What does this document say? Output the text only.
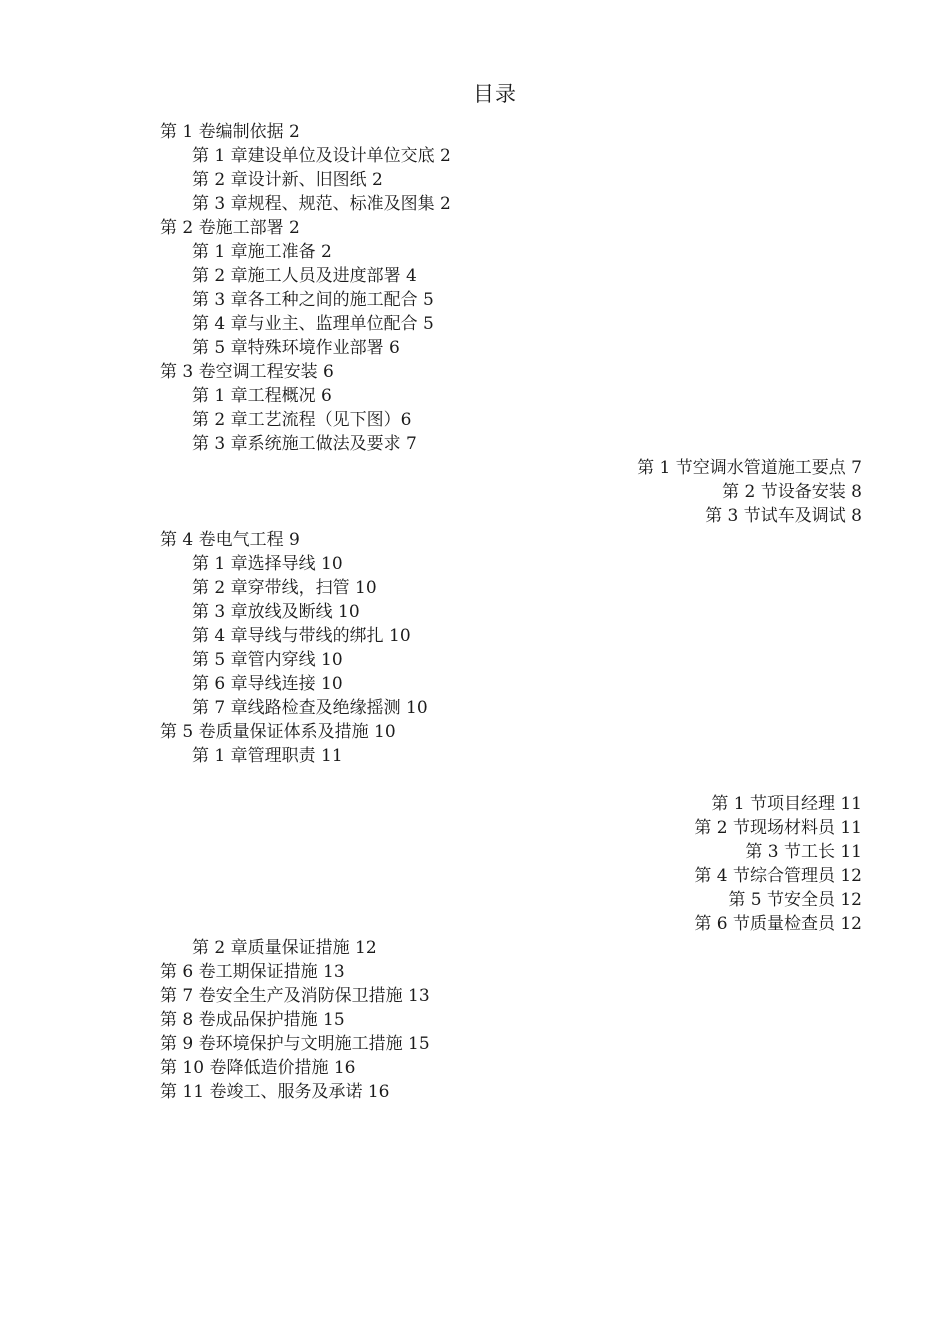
目录
第 1 卷编制依据 2
第 1 章建设单位及设计单位交底 2
第 2 章设计新、旧图纸 2
第 3 章规程、规范、标准及图集 2
第 2 卷施工部署 2
第 1 章施工准备 2
第 2 章施工人员及进度部署 4
第 3 章各工种之间的施工配合 5
第 4 章与业主、监理单位配合 5
第 5 章特殊环境作业部署 6
第 3 卷空调工程安装 6
第 1 章工程概况 6
第 2 章工艺流程（见下图）6
第 3 章系统施工做法及要求 7
第 1 节空调水管道施工要点 7
第 2 节设备安装 8
第 3 节试车及调试 8
第 4 卷电气工程 9
第 1 章选择导线 10
第 2 章穿带线，扫管 10
第 3 章放线及断线 10
第 4 章导线与带线的绑扎 10
第 5 章管内穿线 10
第 6 章导线连接 10
第 7 章线路检查及绝缘摇测 10
第 5 卷质量保证体系及措施 10
第 1 章管理职责 11
第 1 节项目经理 11
第 2 节现场材料员 11
第 3 节工长 11
第 4 节综合管理员 12
第 5 节安全员 12
第 6 节质量检查员 12
第 2 章质量保证措施 12
第 6 卷工期保证措施 13
第 7 卷安全生产及消防保卫措施 13
第 8 卷成品保护措施 15
第 9 卷环境保护与文明施工措施 15
第 10 卷降低造价措施 16
第 11 卷竣工、服务及承诺 16
